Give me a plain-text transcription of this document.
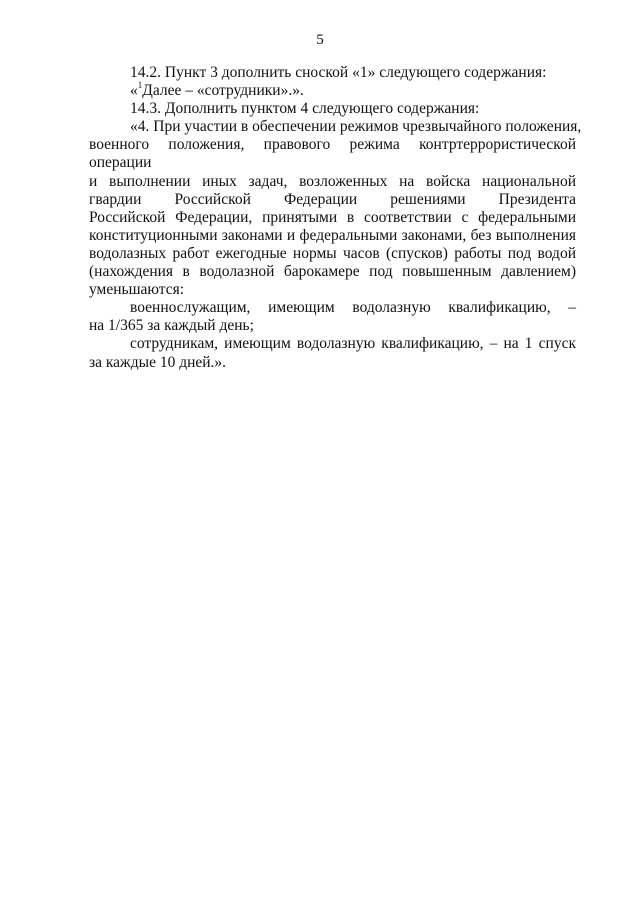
5
14.2. Пункт 3 дополнить сноской «1» следующего содержания:
«$^1$Далее – «сотрудники».».
14.3. Дополнить пунктом 4 следующего содержания:
«4. При участии в обеспечении режимов чрезвычайного положения,
военного положения, правового режима контртеррористической операции
и выполнении иных задач, возложенных на войска национальной
гвардии Российской Федерации решениями Президента
Российской Федерации, принятыми в соответствии с федеральными
конституционными законами и федеральными законами, без выполнения
водолазных работ ежегодные нормы часов (спусков) работы под водой
(нахождения в водолазной барокамере под повышенным давлением)
уменьшаются:
военнослужащим, имеющим водолазную квалификацию, –
на 1/365 за каждый день;
сотрудникам, имеющим водолазную квалификацию, – на 1 спуск
за каждые 10 дней.».
